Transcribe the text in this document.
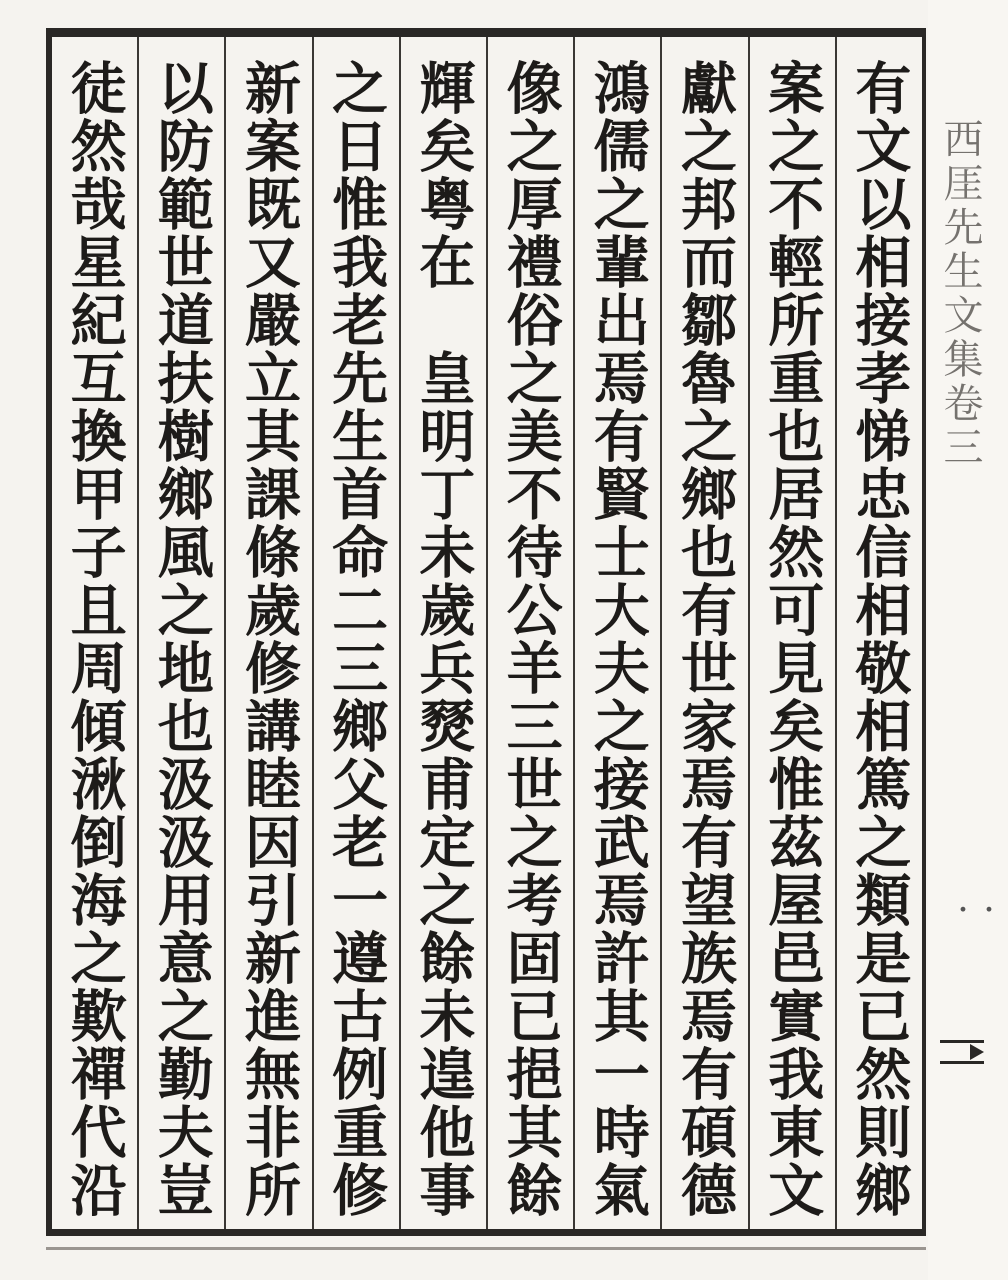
西厓先生文集卷三
・・
有文以相接孝悌忠信相敬相篤之類是已然則鄉
案之不輕所重也居然可見矣惟茲屋邑實我東文
獻之邦而鄒魯之鄉也有世家焉有望族焉有碩德
鴻儒之輩出焉有賢士大夫之接武焉許其一時氣
像之厚禮俗之美不待公羊三世之考固已挹其餘
輝矣粤在　皇明丁未歲兵燹甫定之餘未遑他事
之日惟我老先生首命二三鄉父老一遵古例重修
新案既又嚴立其課條歲修講睦因引新進無非所
以防範世道扶樹鄉風之地也汲汲用意之勤夫豈
徒然哉星紀互換甲子且周傾湫倒海之歎禪代沿
